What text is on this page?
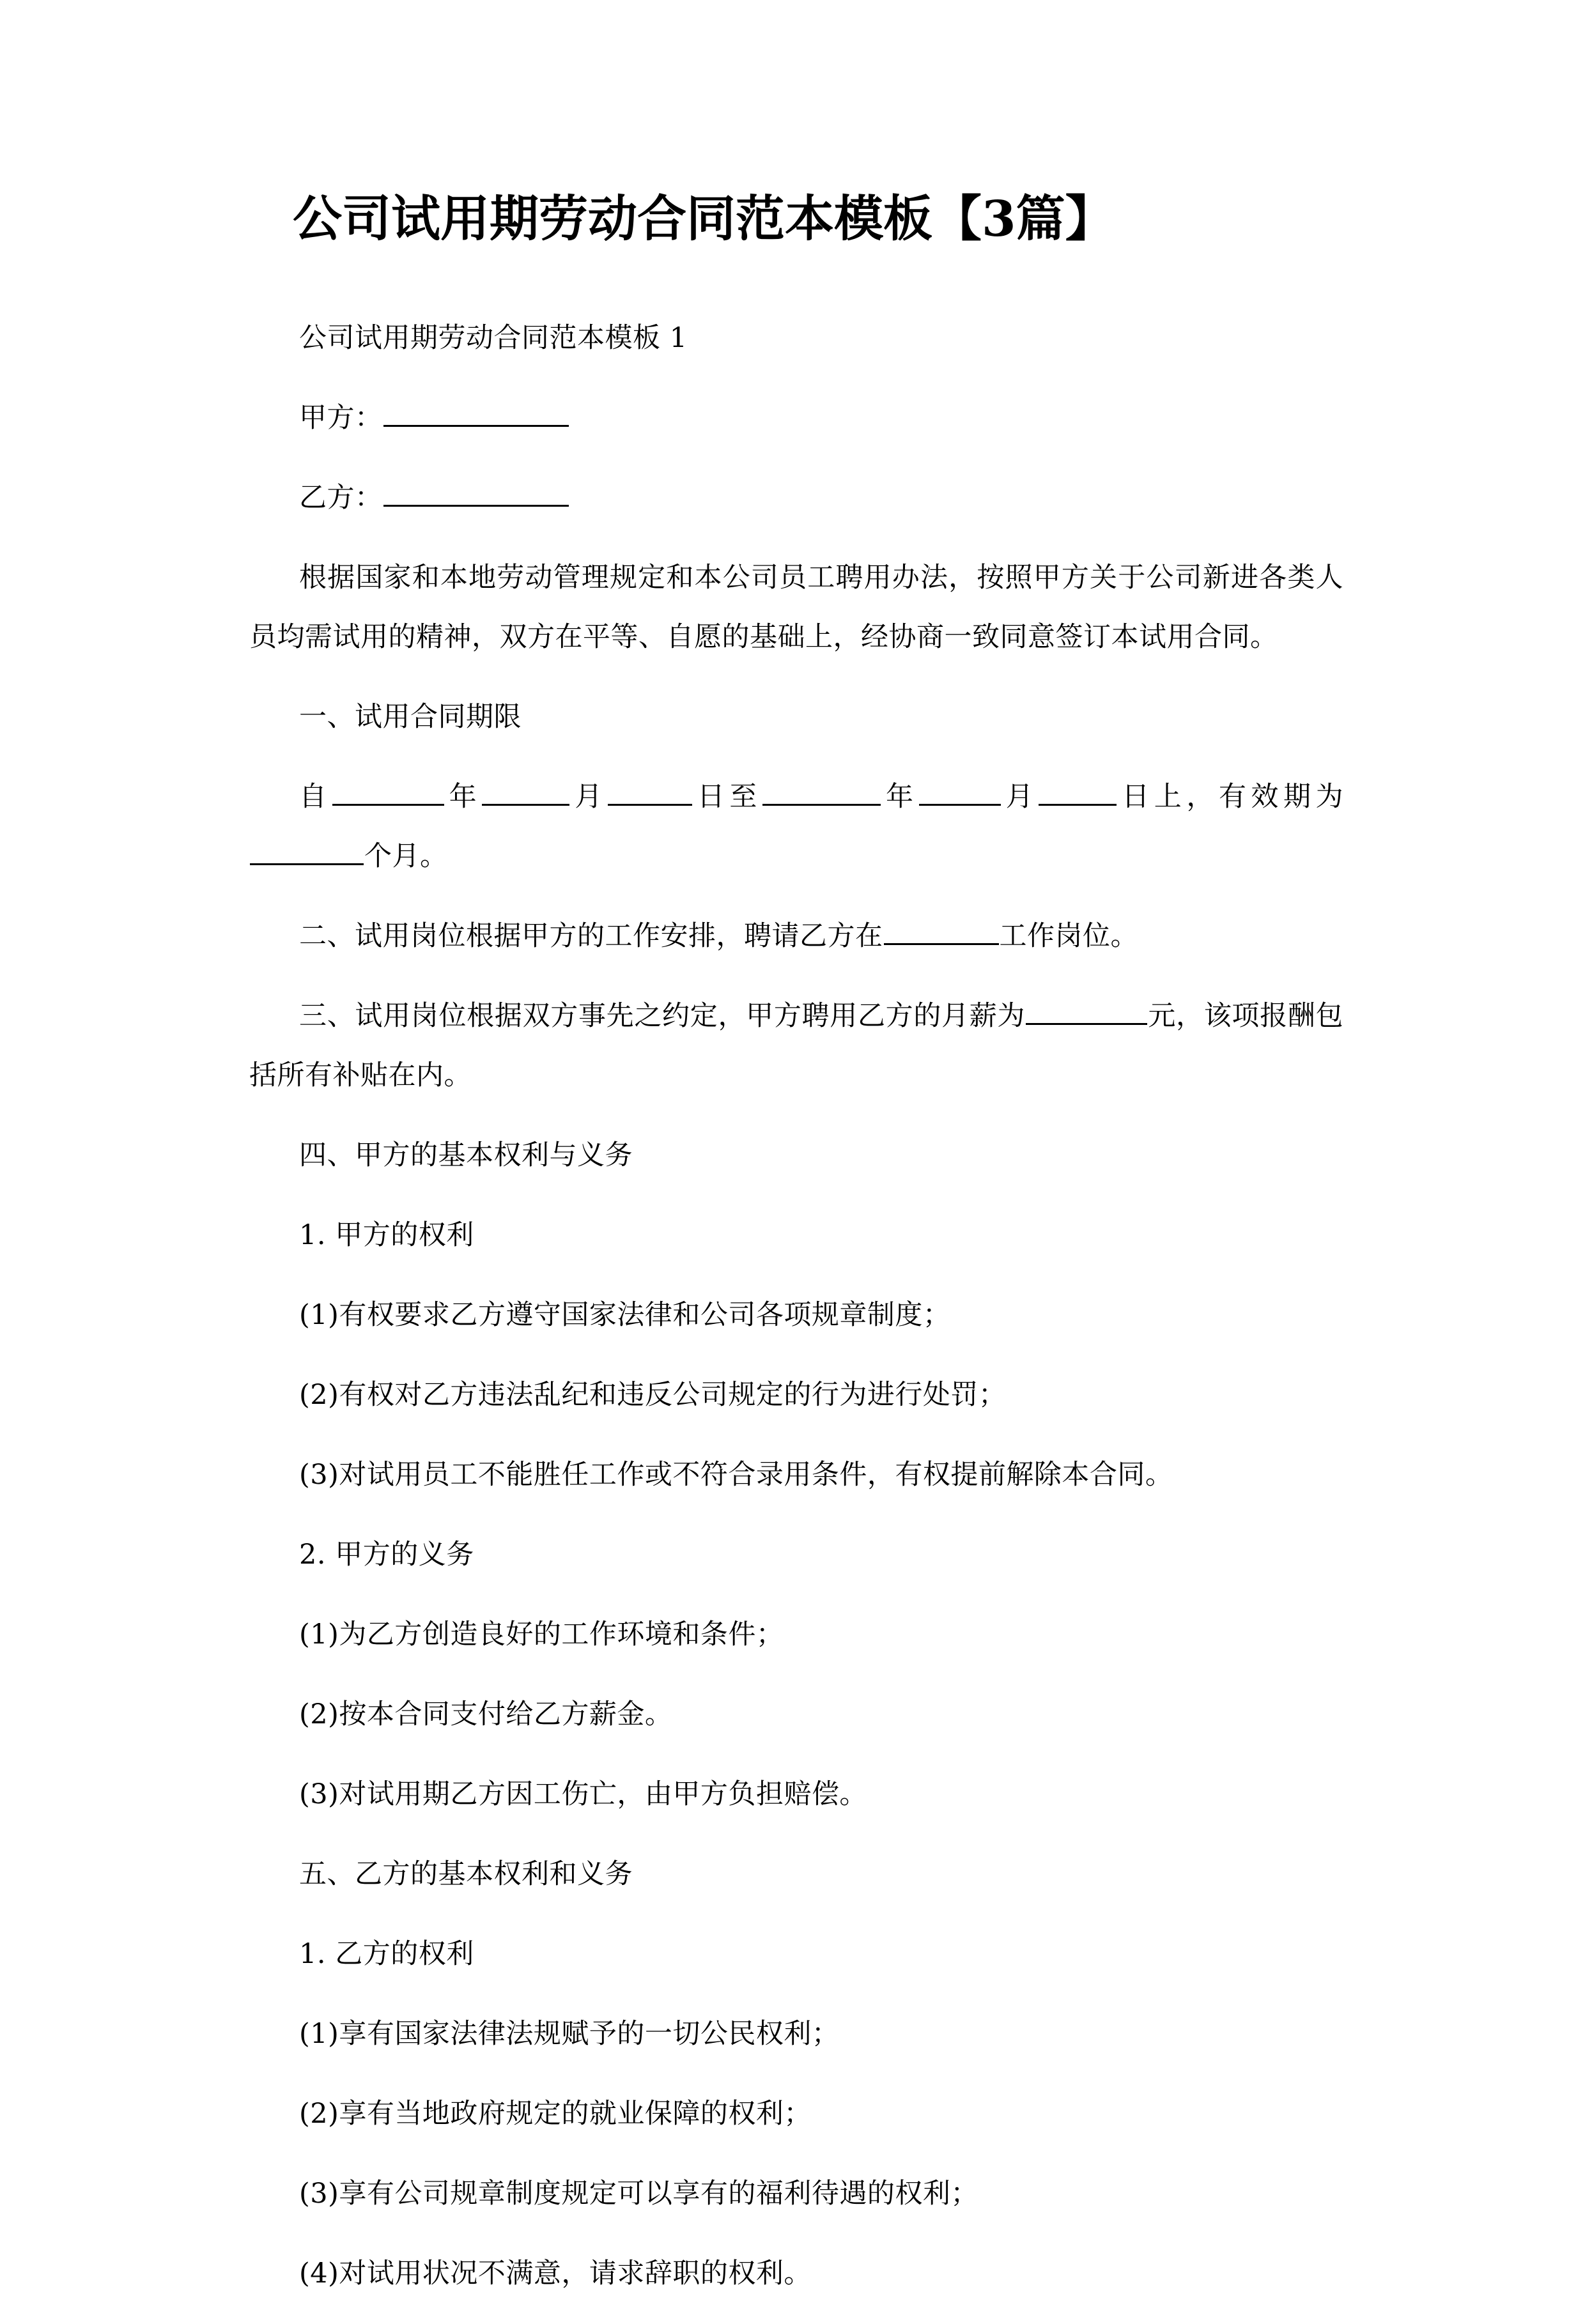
公司试用期劳动合同范本模板【3篇】

公司试用期劳动合同范本模板 1

甲方：

乙方：

根据国家和本地劳动管理规定和本公司员工聘用办法，按照甲方关于公司新进各类人员均需试用的精神，双方在平等、自愿的基础上，经协商一致同意签订本试用合同。

一、试用合同期限

自	年	月	日至	年	月	日上，有效期为个月。

二、试用岗位根据甲方的工作安排，聘请乙方在	工作岗位。

三、试用岗位根据双方事先之约定，甲方聘用乙方的月薪为	元，该项报酬包括所有补贴在内。

四、甲方的基本权利与义务

1. 甲方的权利

(1)有权要求乙方遵守国家法律和公司各项规章制度；

(2)有权对乙方违法乱纪和违反公司规定的行为进行处罚；

(3)对试用员工不能胜任工作或不符合录用条件，有权提前解除本合同。

2. 甲方的义务

(1)为乙方创造良好的工作环境和条件；

(2)按本合同支付给乙方薪金。

(3)对试用期乙方因工伤亡，由甲方负担赔偿。

五、乙方的基本权利和义务

1. 乙方的权利

(1)享有国家法律法规赋予的一切公民权利；

(2)享有当地政府规定的就业保障的权利；

(3)享有公司规章制度规定可以享有的福利待遇的权利；

(4)对试用状况不满意，请求辞职的权利。
